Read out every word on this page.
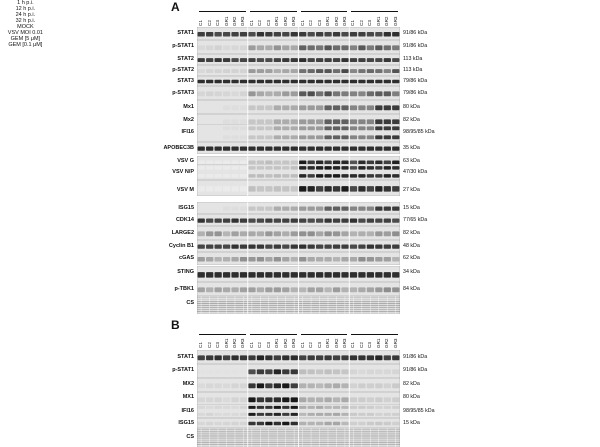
A
1 h p.i.
C1 C2 C3 GR1 GR2 GR3
12 h p.i.
C1 C2 C3 GR1 GR2 GR3
24 h p.i.
C1 C2 C3 GR1 GR2 GR3
32 h p.i.	C1 C2 C3 GR1 GR2 GR3
STAT1	91/86 kDa
p-STAT1	91/86 kDa
STAT2	113 kDa
p-STAT2	113 kDa
STAT3	79/86 kDa
p-STAT3	79/86 kDa
Mx1	80 kDa
Mx2	82 kDa
IFI16	98/95/85 kDa
APOBEC3B	35 kDa
VSV G	63 kDa
VSV N/P	47/30 kDa
VSV M	27 kDa
ISG15	15 kDa
CDK14	77/65 kDa
LARGE2	82 kDa
Cyclin B1	48 kDa
cGAS	62 kDa
STING	34 kDa
p-TBK1	84 kDa
CS
B
MOCK
C1 C2 C3 GR1 GR2 GR3
VSV MOI 0.01
C1 C2 C3 GR1 GR2 GR3
GEM [5 μM]
C1 C2 C3 GR1 GR2 GR3
GEM [0.1 μM]
C1 C2 C3 GR1 GR2 GR3
STAT1	91/86 kDa
p-STAT1	91/86 kDa
MX2	82 kDa
MX1	80 kDa
IFI16	98/95/85 kDa
ISG15	15 kDa
CS
